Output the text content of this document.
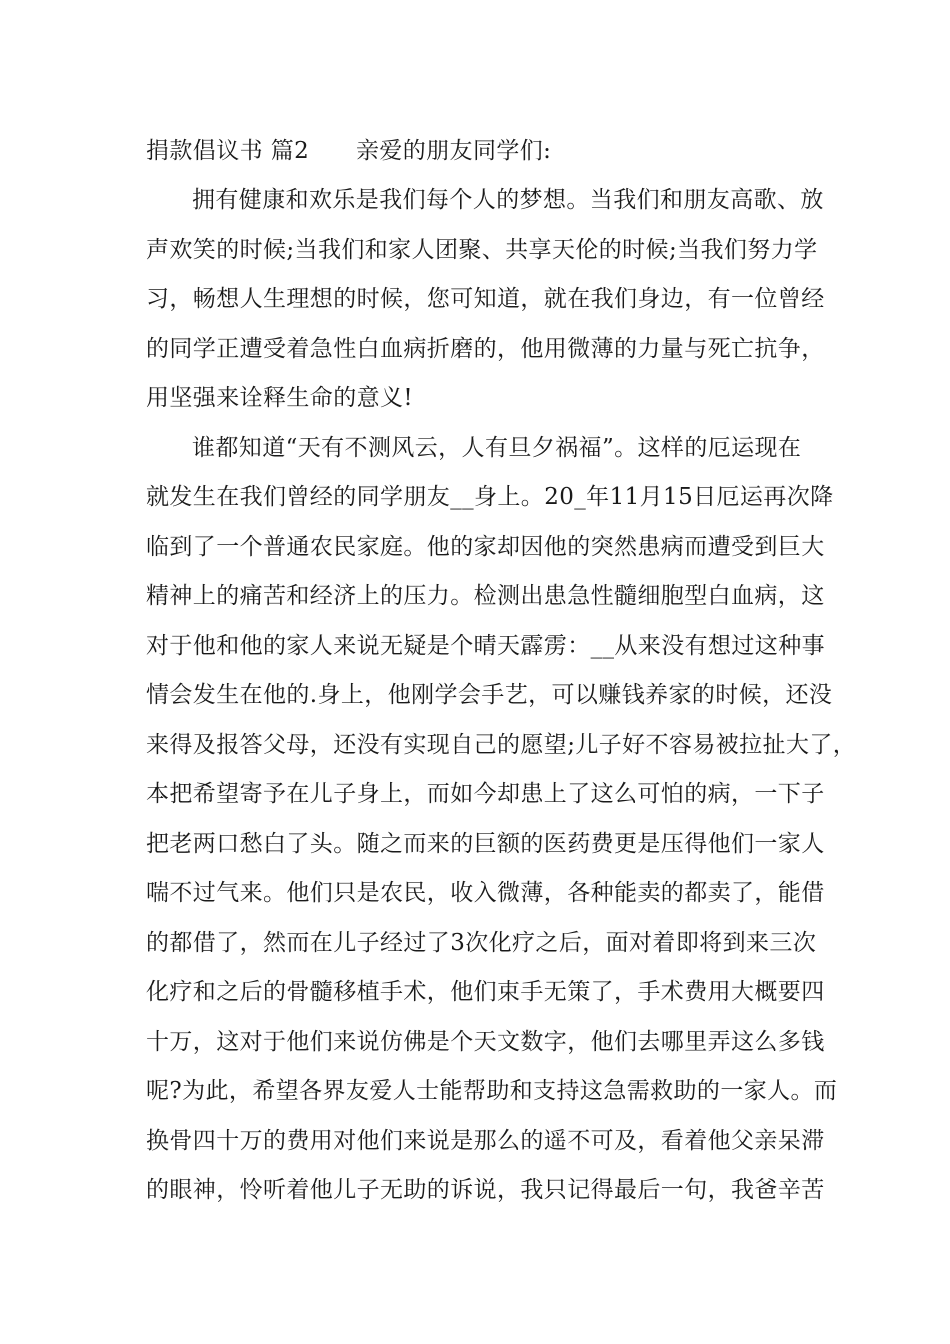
捐款倡议书 篇2　　亲爱的朋友同学们:
拥有健康和欢乐是我们每个人的梦想。当我们和朋友高歌、放
声欢笑的时候;当我们和家人团聚、共享天伦的时候;当我们努力学
习，畅想人生理想的时候，您可知道，就在我们身边，有一位曾经
的同学正遭受着急性白血病折磨的，他用微薄的力量与死亡抗争，
用坚强来诠释生命的意义!
谁都知道“天有不测风云，人有旦夕祸福”。这样的厄运现在
就发生在我们曾经的同学朋友__身上。20_年11月15日厄运再次降
临到了一个普通农民家庭。他的家却因他的突然患病而遭受到巨大
精神上的痛苦和经济上的压力。检测出患急性髓细胞型白血病，这
对于他和他的家人来说无疑是个晴天霹雳：__从来没有想过这种事
情会发生在他的.身上，他刚学会手艺，可以赚钱养家的时候，还没
来得及报答父母，还没有实现自己的愿望;儿子好不容易被拉扯大了，
本把希望寄予在儿子身上，而如今却患上了这么可怕的病，一下子
把老两口愁白了头。随之而来的巨额的医药费更是压得他们一家人
喘不过气来。他们只是农民，收入微薄，各种能卖的都卖了，能借
的都借了，然而在儿子经过了3次化疗之后，面对着即将到来三次
化疗和之后的骨髓移植手术，他们束手无策了，手术费用大概要四
十万，这对于他们来说仿佛是个天文数字，他们去哪里弄这么多钱
呢?为此，希望各界友爱人士能帮助和支持这急需救助的一家人。而
换骨四十万的费用对他们来说是那么的遥不可及，看着他父亲呆滞
的眼神，怜听着他儿子无助的诉说，我只记得最后一句，我爸辛苦
